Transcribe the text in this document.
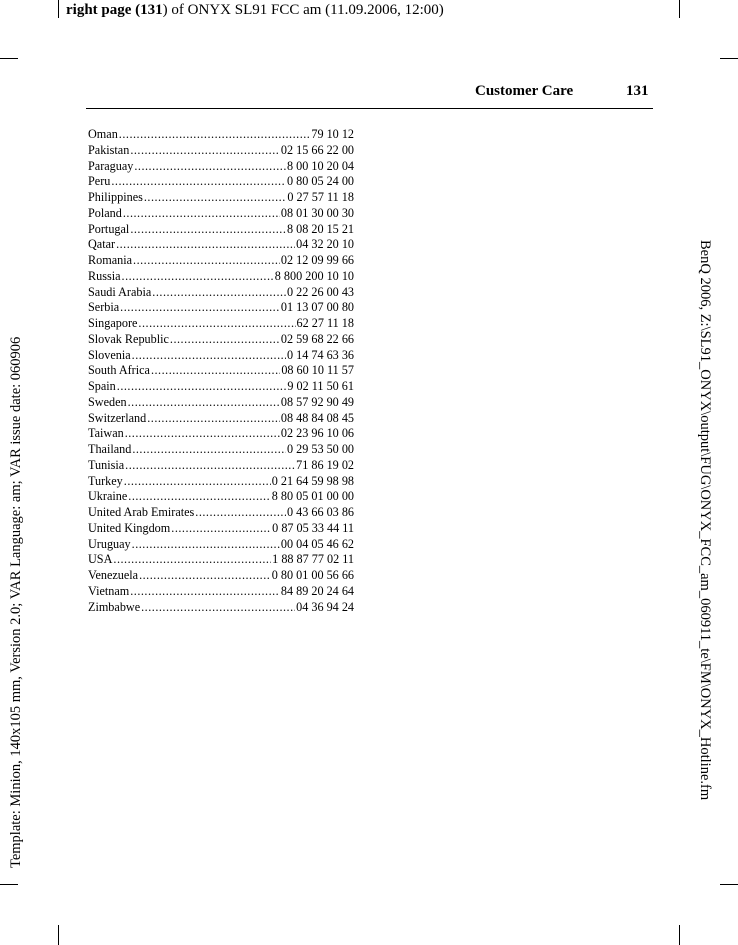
right page (131) of ONYX SL91 FCC am (11.09.2006, 12:00)
Template: Minion, 140x105 mm, Version 2.0; VAR Language: am; VAR issue date: 060906	BenQ 2006, Z:\SL91_ONYX\output\FUG\ONYX_FCC_am_060911_te\FM\ONYX_Hotline.fm
Customer Care	131
Oman .....	79 10 12
Pakistan .....	02 15 66 22 00
Paraguay .....	8 00 10 20 04
Peru .....	0 80 05 24 00
Philippines .....	0 27 57 11 18
Poland .....	08 01 30 00 30
Portugal .....	8 08 20 15 21
Qatar .....	04 32 20 10
Romania .....	02 12 09 99 66
Russia .....	8 800 200 10 10
Saudi Arabia .....	0 22 26 00 43
Serbia .....	01 13 07 00 80
Singapore .....	62 27 11 18
Slovak Republic .....	02 59 68 22 66
Slovenia .....	0 14 74 63 36
South Africa .....	08 60 10 11 57
Spain .....	9 02 11 50 61
Sweden .....	08 57 92 90 49
Switzerland .....	08 48 84 08 45
Taiwan .....	02 23 96 10 06
Thailand .....	0 29 53 50 00
Tunisia .....	71 86 19 02
Turkey .....	0 21 64 59 98 98
Ukraine .....	8 80 05 01 00 00
United Arab Emirates .....	0 43 66 03 86
United Kingdom .....	0 87 05 33 44 11
Uruguay .....	00 04 05 46 62
USA .....	1 88 87 77 02 11
Venezuela .....	0 80 01 00 56 66
Vietnam .....	84 89 20 24 64
Zimbabwe .....	04 36 94 24
